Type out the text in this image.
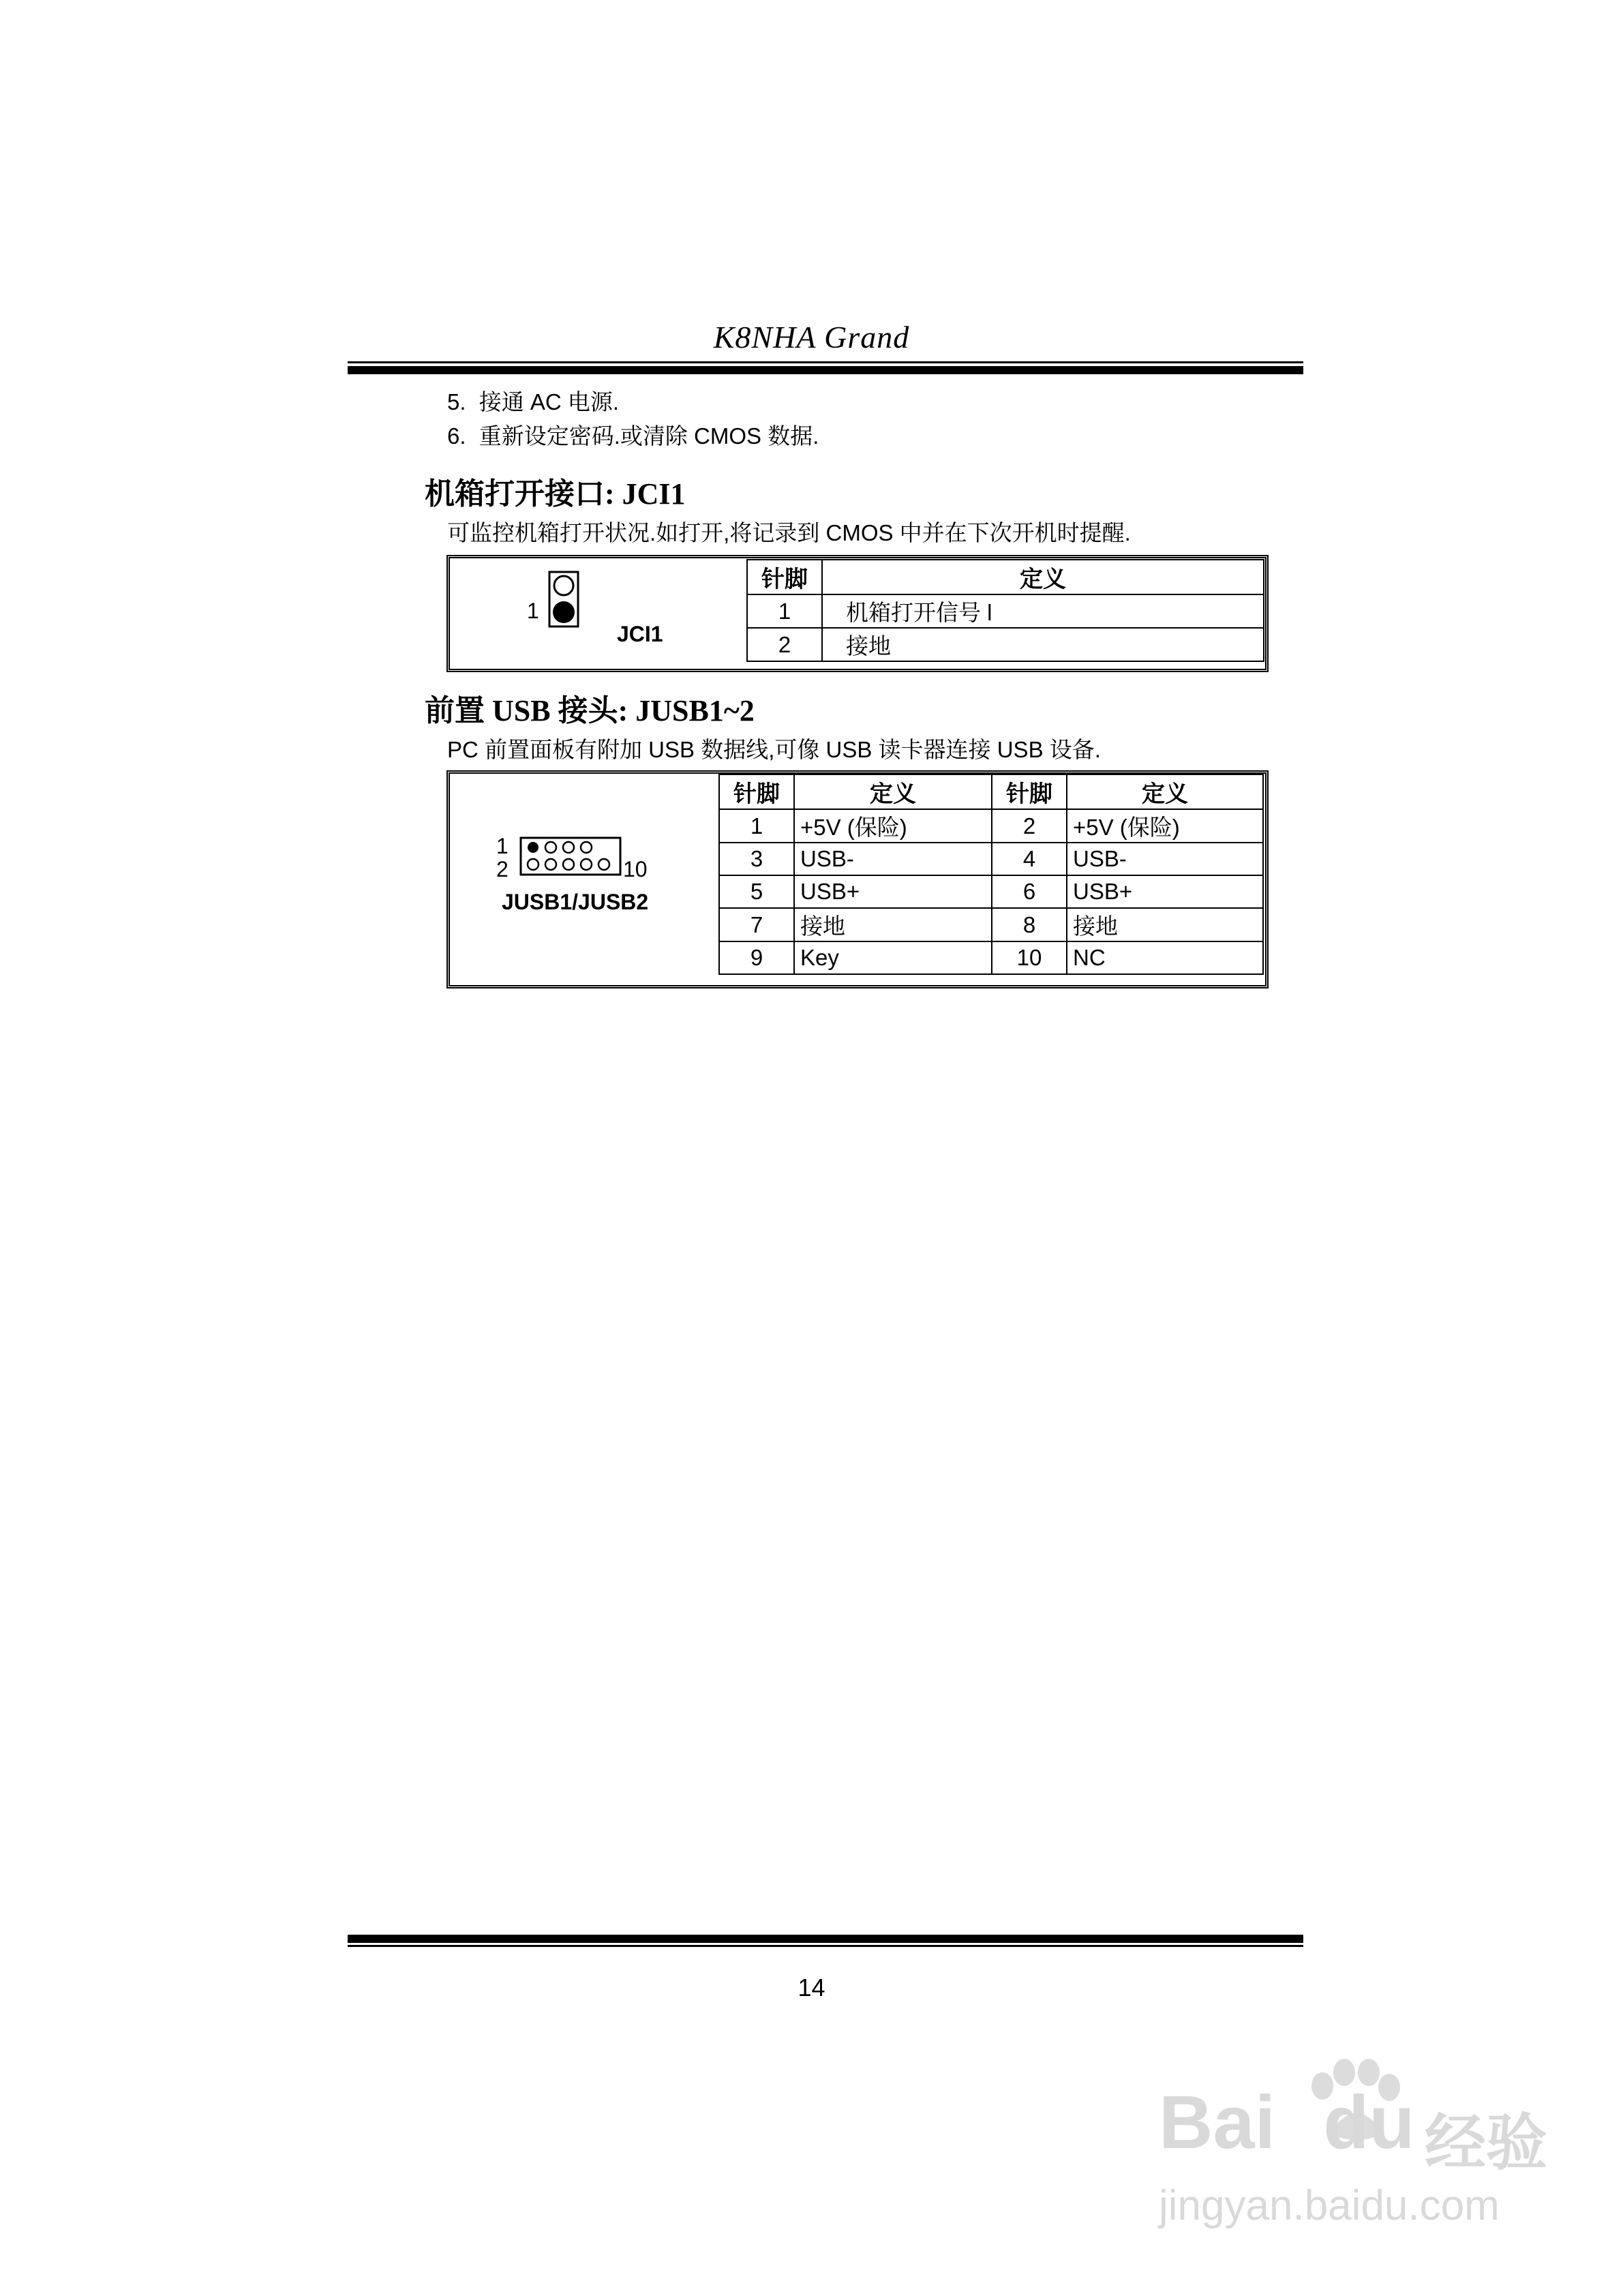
K8NHA Grand
5. 接通 AC 电源.
6. 重新设定密码.或清除 CMOS 数据.
机箱打开接口: JCI1
可监控机箱打开状况.如打开,将记录到 CMOS 中并在下次开机时提醒.
1
JCI1
针脚	定义
1	机箱打开信号 l
2	接地
前置 USB 接头: JUSB1~2
PC 前置面板有附加 USB 数据线,可像 USB 读卡器连接 USB 设备.
1
2	10
JUSB1/JUSB2
针脚	定义	针脚	定义
1	+5V (保险)	2	+5V (保险)
3	USB-	4	USB-
5	USB+	6	USB+
7	接地	8	接地
9	Key	10	NC
14
Bai du 经验
jingyan.baidu.com
